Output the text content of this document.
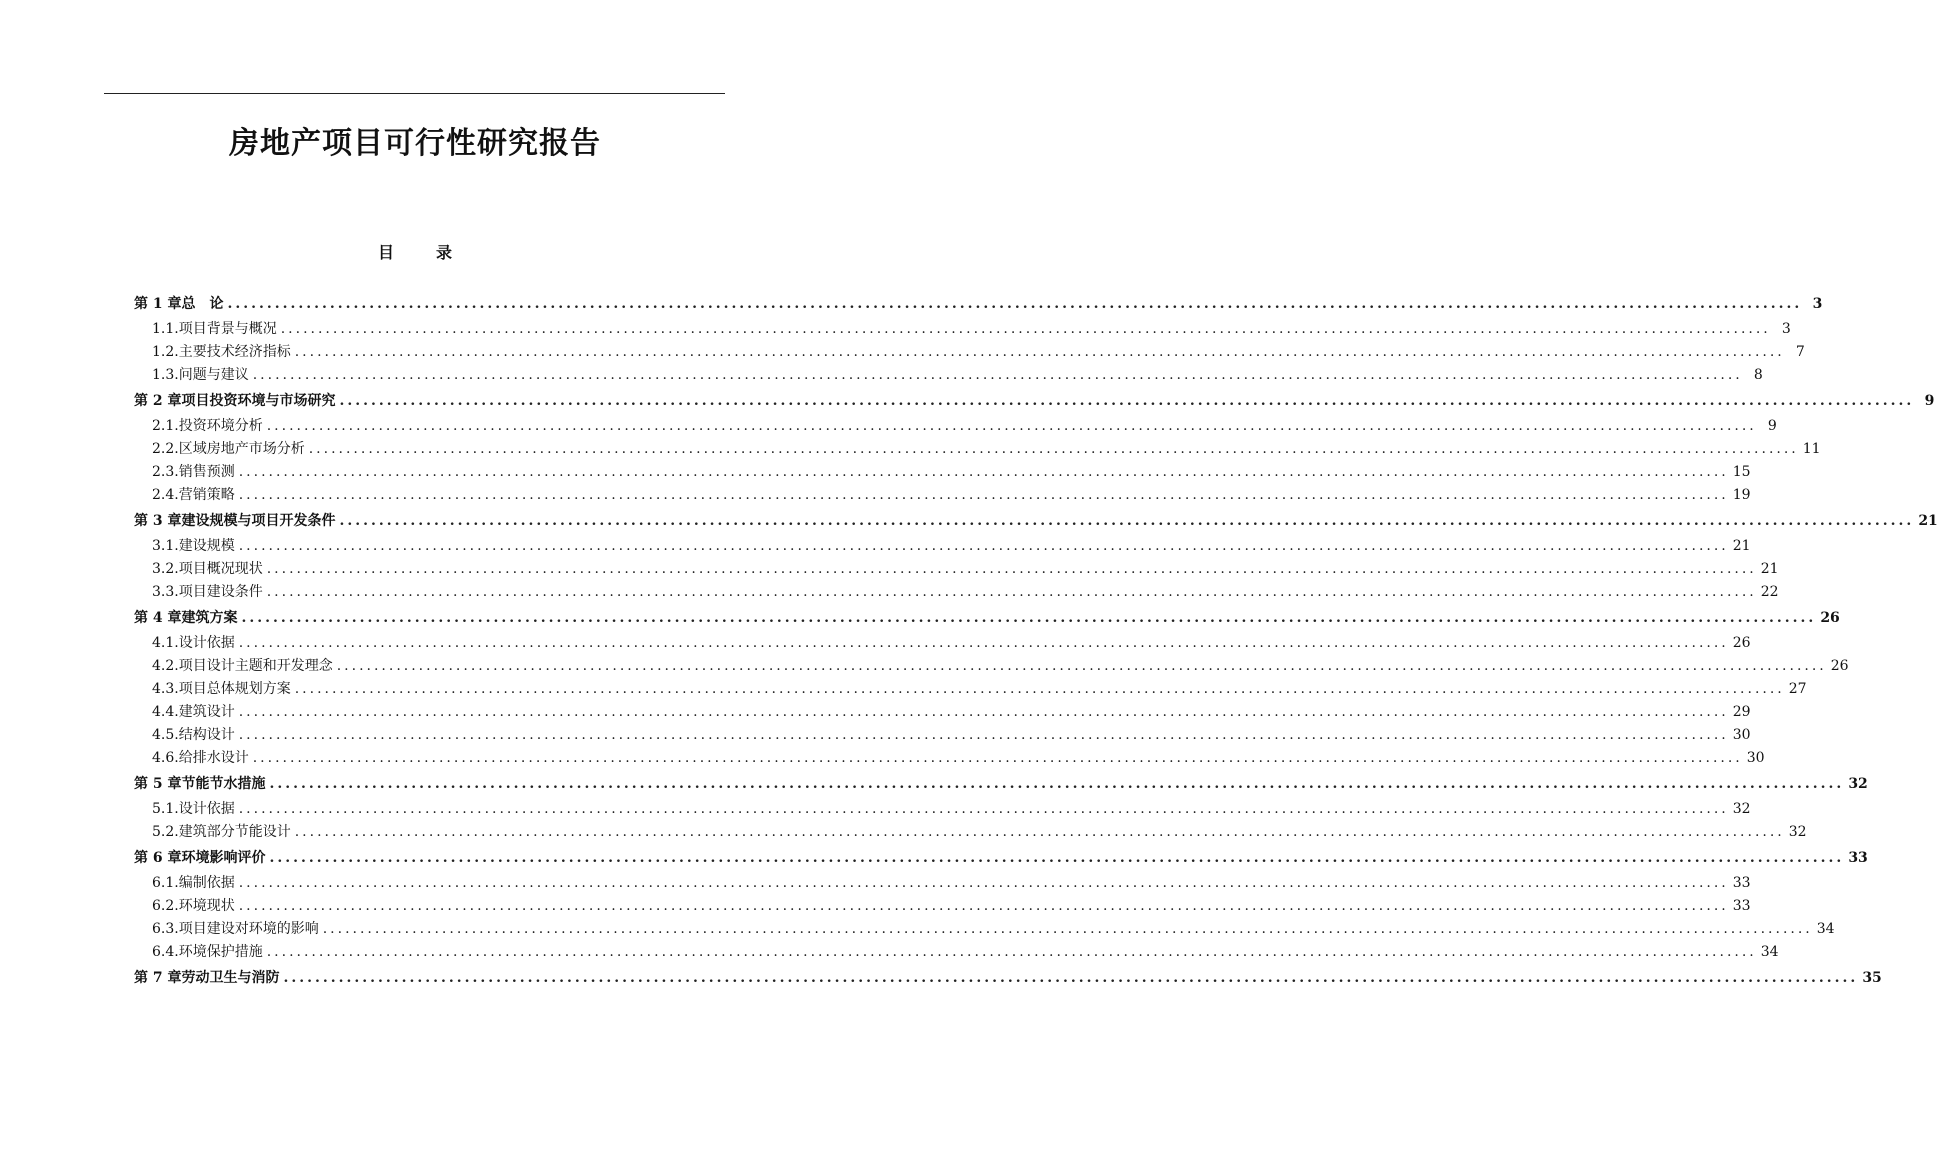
房地产项目可行性研究报告
目	录
第 1 章 总　论 ........................................................................................................................................................................................................ 3
1.1. 项目背景与概况 ........................................................................................................................................................................................................ 3
1.2. 主要技术经济指标 ........................................................................................................................................................................................................ 7
1.3. 问题与建议 ........................................................................................................................................................................................................ 8
第 2 章 项目投资环境与市场研究 ........................................................................................................................................................................................................ 9
2.1. 投资环境分析 ........................................................................................................................................................................................................ 9
2.2. 区域房地产市场分析 ........................................................................................................................................................................................................ 11
2.3. 销售预测 ........................................................................................................................................................................................................ 15
2.4. 营销策略 ........................................................................................................................................................................................................ 19
第 3 章 建设规模与项目开发条件 ........................................................................................................................................................................................................ 21
3.1. 建设规模 ........................................................................................................................................................................................................ 21
3.2. 项目概况现状 ........................................................................................................................................................................................................ 21
3.3. 项目建设条件 ........................................................................................................................................................................................................ 22
第 4 章 建筑方案 ........................................................................................................................................................................................................ 26
4.1. 设计依据 ........................................................................................................................................................................................................ 26
4.2. 项目设计主题和开发理念 ........................................................................................................................................................................................................ 26
4.3. 项目总体规划方案 ........................................................................................................................................................................................................ 27
4.4. 建筑设计 ........................................................................................................................................................................................................ 29
4.5. 结构设计 ........................................................................................................................................................................................................ 30
4.6. 给排水设计 ........................................................................................................................................................................................................ 30
第 5 章 节能节水措施 ........................................................................................................................................................................................................ 32
5.1. 设计依据 ........................................................................................................................................................................................................ 32
5.2. 建筑部分节能设计 ........................................................................................................................................................................................................ 32
第 6 章 环境影响评价 ........................................................................................................................................................................................................ 33
6.1. 编制依据 ........................................................................................................................................................................................................ 33
6.2. 环境现状 ........................................................................................................................................................................................................ 33
6.3. 项目建设对环境的影响 ........................................................................................................................................................................................................ 34
6.4. 环境保护措施 ........................................................................................................................................................................................................ 34
第 7 章 劳动卫生与消防 ........................................................................................................................................................................................................ 35
